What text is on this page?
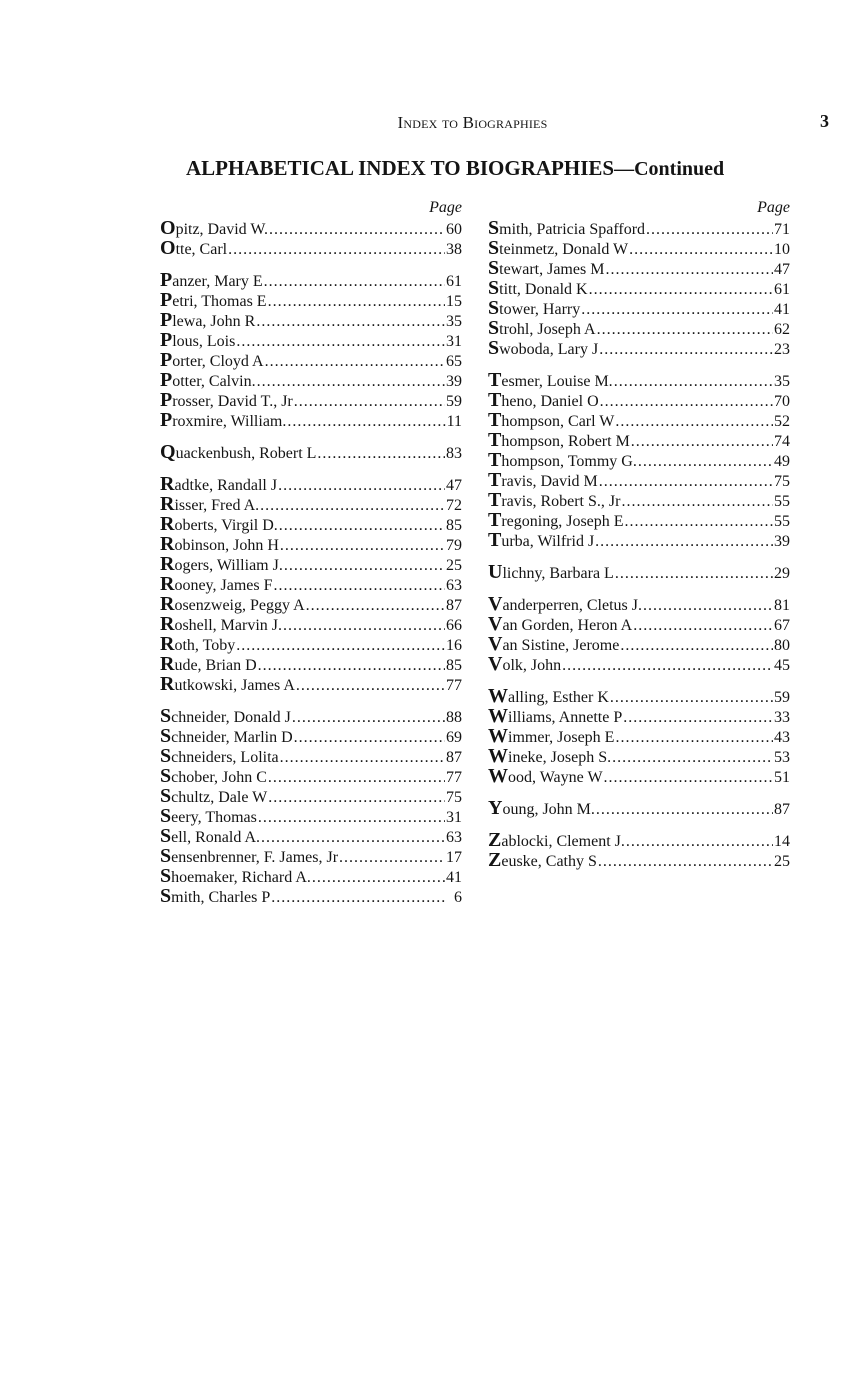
Index to Biographies	3
ALPHABETICAL INDEX TO BIOGRAPHIES—Continued
Page
Opitz, David W. .....	60
Otte, Carl .....	38
Panzer, Mary E .....	61
Petri, Thomas E .....	15
Plewa, John R .....	35
Plous, Lois .....	31
Porter, Cloyd A .....	65
Potter, Calvin. .....	39
Prosser, David T., Jr .....	59
Proxmire, William. .....	11
Quackenbush, Robert L .....	83
Radtke, Randall J .....	47
Risser, Fred A. .....	72
Roberts, Virgil D. .....	85
Robinson, John H .....	79
Rogers, William J. .....	25
Rooney, James F .....	63
Rosenzweig, Peggy A .....	87
Roshell, Marvin J. .....	66
Roth, Toby .....	16
Rude, Brian D .....	85
Rutkowski, James A .....	77
Schneider, Donald J .....	88
Schneider, Marlin D .....	69
Schneiders, Lolita .....	87
Schober, John C .....	77
Schultz, Dale W .....	75
Seery, Thomas .....	31
Sell, Ronald A. .....	63
Sensenbrenner, F. James, Jr .....	17
Shoemaker, Richard A. .....	41
Smith, Charles P .....	6
Page
Smith, Patricia Spafford .....	71
Steinmetz, Donald W .....	10
Stewart, James M .....	47
Stitt, Donald K .....	61
Stower, Harry .....	41
Strohl, Joseph A .....	62
Swoboda, Lary J .....	23
Tesmer, Louise M. .....	35
Theno, Daniel O .....	70
Thompson, Carl W .....	52
Thompson, Robert M .....	74
Thompson, Tommy G. .....	49
Travis, David M .....	75
Travis, Robert S., Jr .....	55
Tregoning, Joseph E .....	55
Turba, Wilfrid J .....	39
Ulichny, Barbara L .....	29
Vanderperren, Cletus J. .....	81
Van Gorden, Heron A .....	67
Van Sistine, Jerome .....	80
Volk, John .....	45
Walling, Esther K .....	59
Williams, Annette P .....	33
Wimmer, Joseph E .....	43
Wineke, Joseph S. .....	53
Wood, Wayne W .....	51
Young, John M. .....	87
Zablocki, Clement J. .....	14
Zeuske, Cathy S .....	25
